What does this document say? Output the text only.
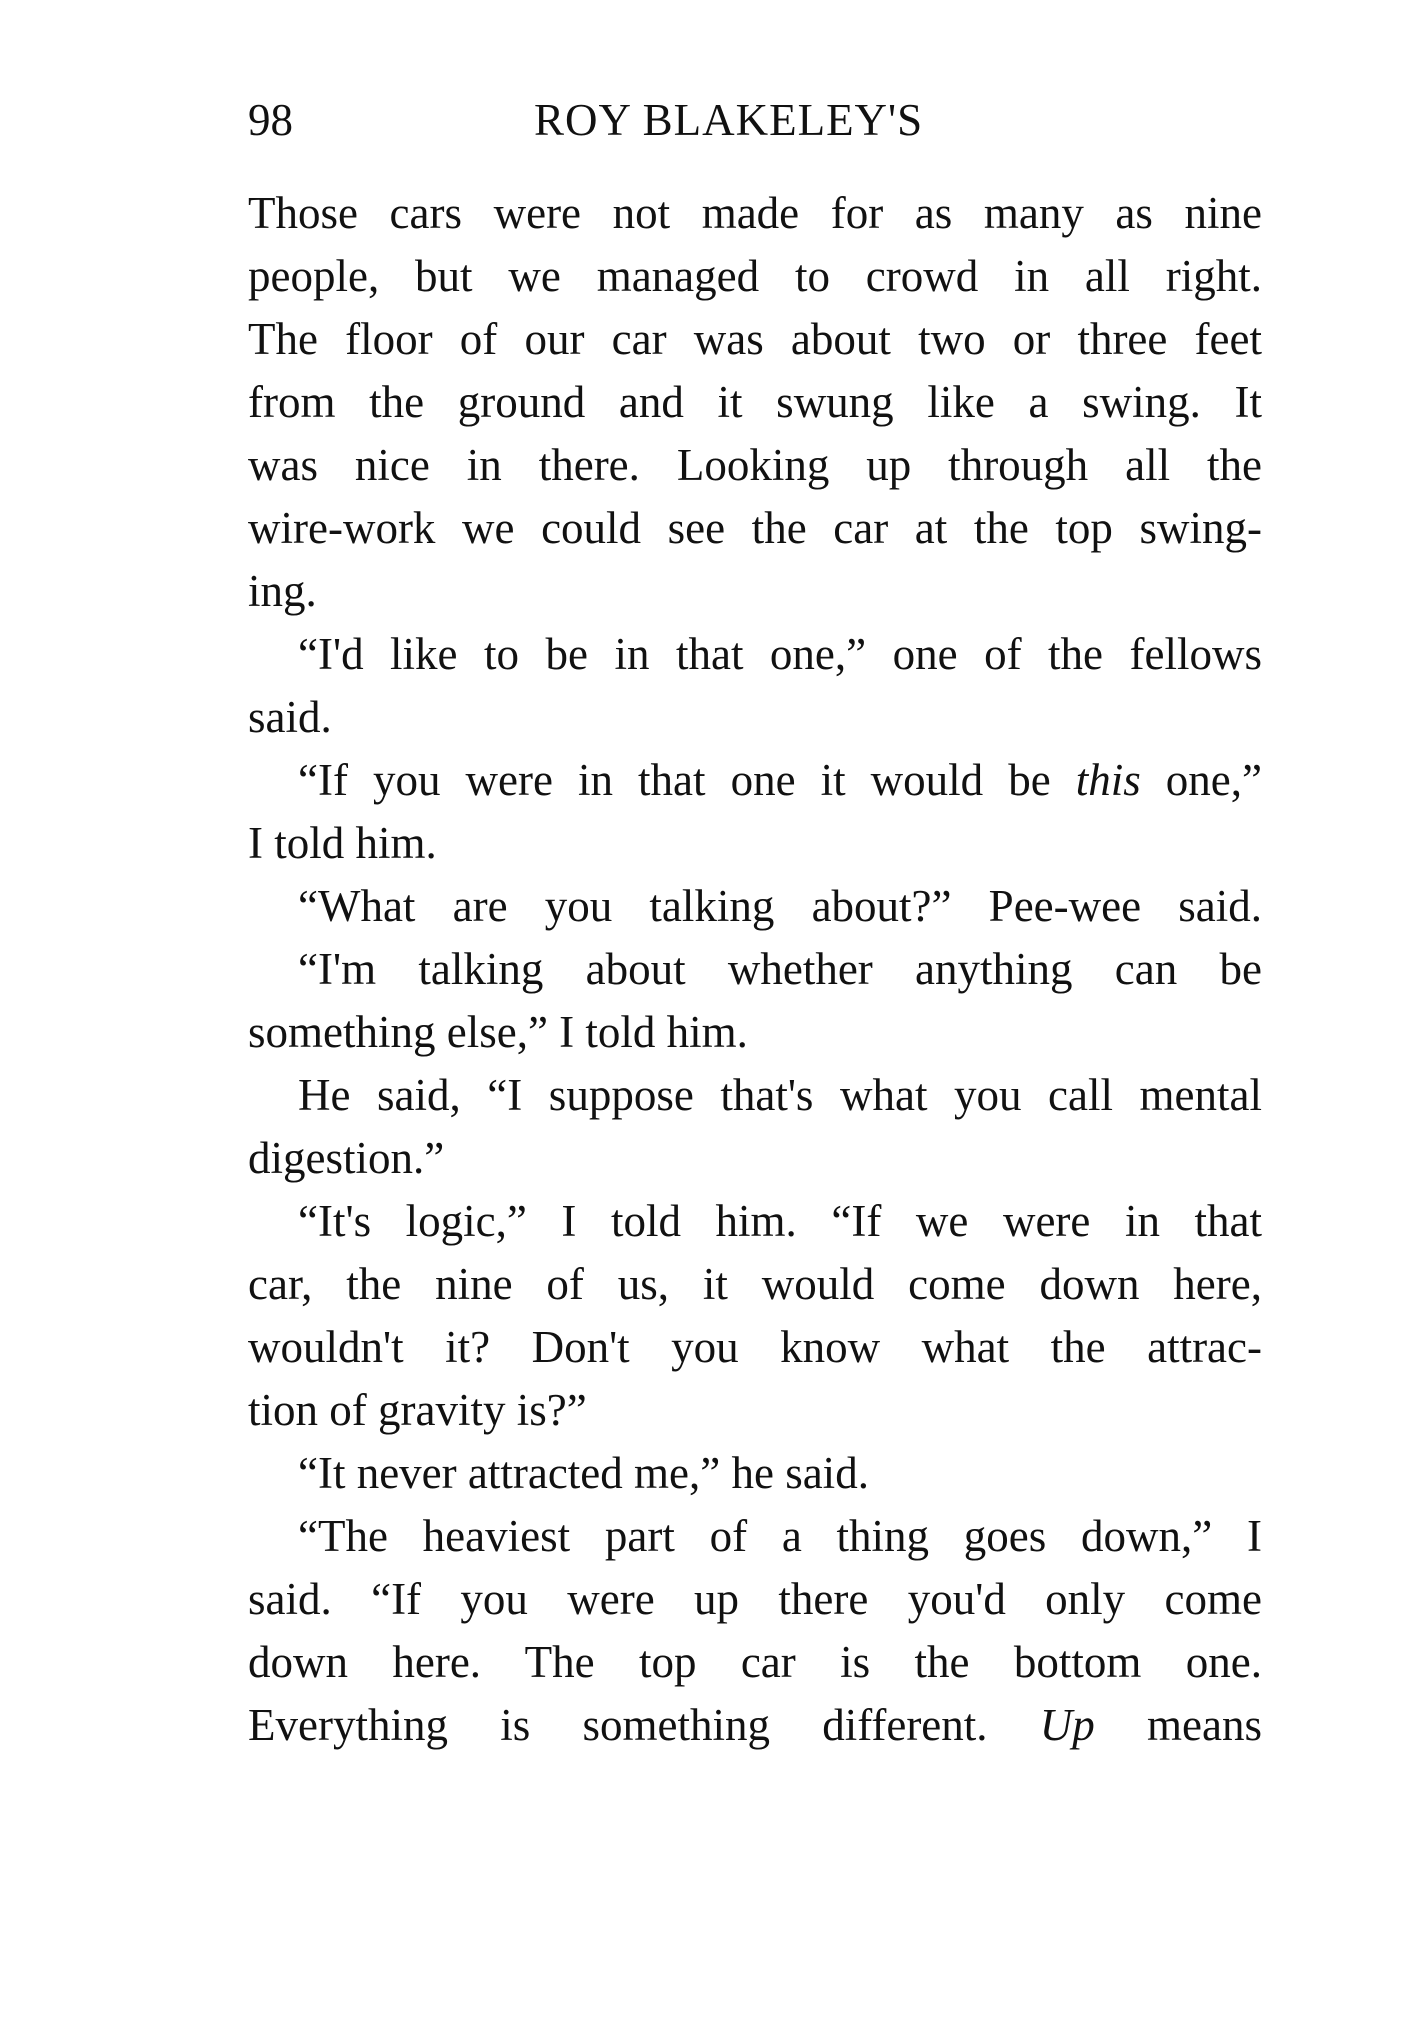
98	ROY BLAKELEY'S
Those cars were not made for as many as nine
people, but we managed to crowd in all right.
The floor of our car was about two or three feet
from the ground and it swung like a swing. It
was nice in there. Looking up through all the
wire-work we could see the car at the top swing-
ing.
“I'd like to be in that one,” one of the fellows
said.
“If you were in that one it would be this one,”
I told him.
“What are you talking about?” Pee-wee said.
“I'm talking about whether anything can be
something else,” I told him.
He said, “I suppose that's what you call mental
digestion.”
“It's logic,” I told him. “If we were in that
car, the nine of us, it would come down here,
wouldn't it? Don't you know what the attrac-
tion of gravity is?”
“It never attracted me,” he said.
“The heaviest part of a thing goes down,” I
said. “If you were up there you'd only come
down here. The top car is the bottom one.
Everything is something different. Up means
